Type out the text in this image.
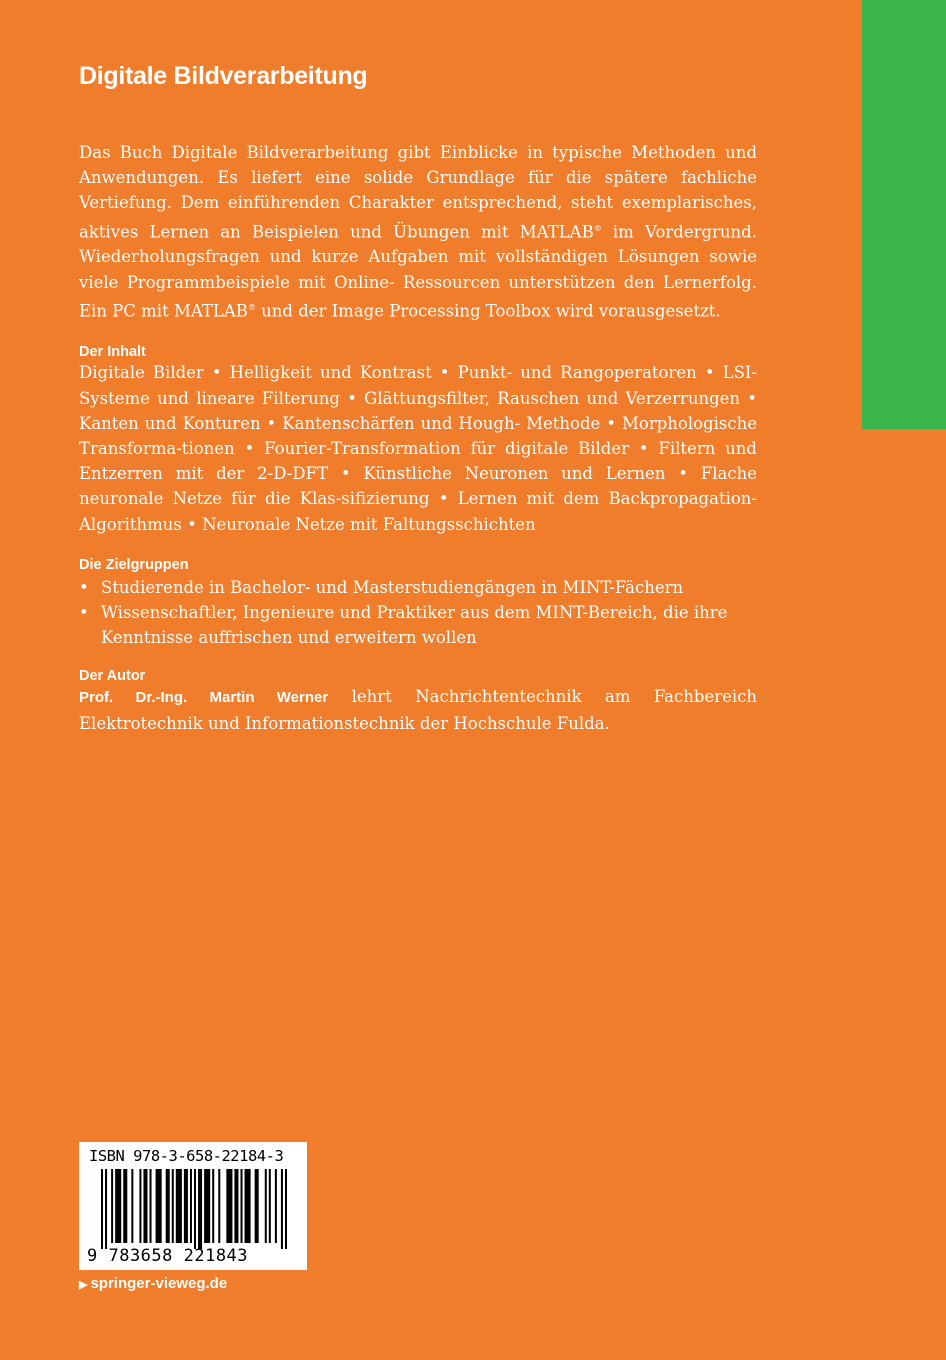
Digitale Bildverarbeitung

Das Buch Digitale Bildverarbeitung gibt Einblicke in typische Methoden und Anwendungen. Es liefert eine solide Grundlage für die spätere fachliche Vertiefung. Dem einführenden Charakter entsprechend, steht exemplarisches, aktives Lernen an Beispielen und Übungen mit MATLAB® im Vordergrund. Wiederholungsfragen und kurze Aufgaben mit vollständigen Lösungen sowie viele Programmbeispiele mit Online- Ressourcen unterstützen den Lernerfolg. Ein PC mit MATLAB® und der Image Processing Toolbox wird vorausgesetzt.

Der Inhalt

Digitale Bilder • Helligkeit und Kontrast • Punkt- und Rangoperatoren • LSI- Systeme und lineare Filterung • Glättungsfilter, Rauschen und Verzerrungen • Kanten und Konturen • Kantenschärfen und Hough- Methode • Morphologische Transforma-tionen • Fourier-Transformation für digitale Bilder • Filtern und Entzerren mit der 2-D-DFT • Künstliche Neuronen und Lernen • Flache neuronale Netze für die Klas-sifizierung • Lernen mit dem Backpropagation-Algorithmus • Neuronale Netze mit Faltungsschichten

Die Zielgruppen
• Studierende in Bachelor- und Masterstudiengängen in MINT-Fächern
• Wissenschaftler, Ingenieure und Praktiker aus dem MINT-Bereich, die ihre Kenntnisse auffrischen und erweitern wollen
Der Autor

Prof. Dr.-Ing. Martin Werner lehrt Nachrichtentechnik am Fachbereich Elektrotechnik und Informationstechnik der Hochschule Fulda.

ISBN 978-3-658-22184-3
9 783658 221843
▶ springer-vieweg.de
